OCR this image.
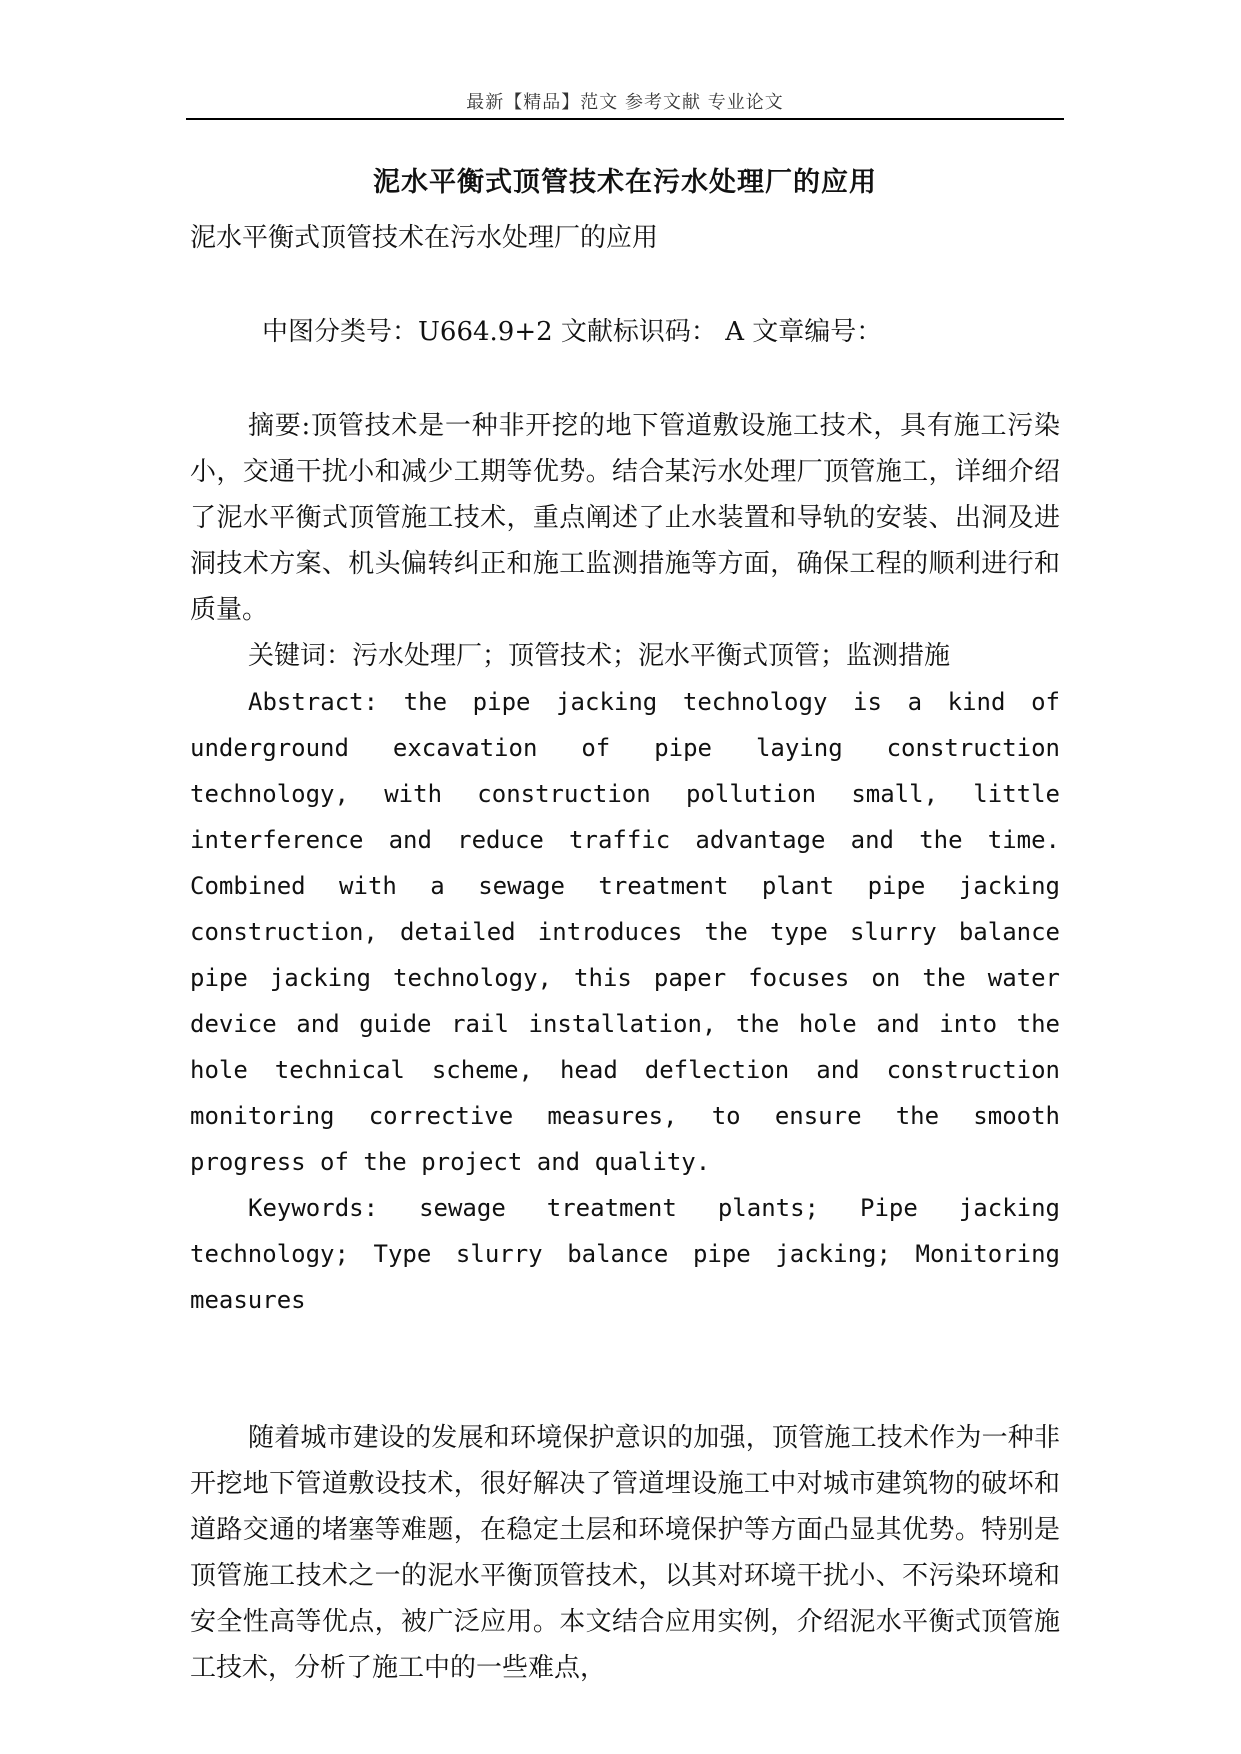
最新【精品】范文 参考文献 专业论文
泥水平衡式顶管技术在污水处理厂的应用

泥水平衡式顶管技术在污水处理厂的应用

中图分类号：U664.9+2 文献标识码： A 文章编号：

摘要:顶管技术是一种非开挖的地下管道敷设施工技术，具有施工污染小，交通干扰小和减少工期等优势。结合某污水处理厂顶管施工，详细介绍了泥水平衡式顶管施工技术，重点阐述了止水装置和导轨的安装、出洞及进洞技术方案、机头偏转纠正和施工监测措施等方面，确保工程的顺利进行和质量。

关键词：污水处理厂；顶管技术；泥水平衡式顶管；监测措施

Abstract: the pipe jacking technology is a kind of underground excavation of pipe laying construction technology, with construction pollution small, little interference and reduce traffic advantage and the time. Combined with a sewage treatment plant pipe jacking construction, detailed introduces the type slurry balance pipe jacking technology, this paper focuses on the water device and guide rail installation, the hole and into the hole technical scheme, head deflection and construction monitoring corrective measures, to ensure the smooth progress of the project and quality.

Keywords: sewage treatment plants; Pipe jacking technology; Type slurry balance pipe jacking; Monitoring measures

随着城市建设的发展和环境保护意识的加强，顶管施工技术作为一种非开挖地下管道敷设技术，很好解决了管道埋设施工中对城市建筑物的破坏和道路交通的堵塞等难题，在稳定土层和环境保护等方面凸显其优势。特别是顶管施工技术之一的泥水平衡顶管技术，以其对环境干扰小、不污染环境和安全性高等优点，被广泛应用。本文结合应用实例，介绍泥水平衡式顶管施工技术，分析了施工中的一些难点，
